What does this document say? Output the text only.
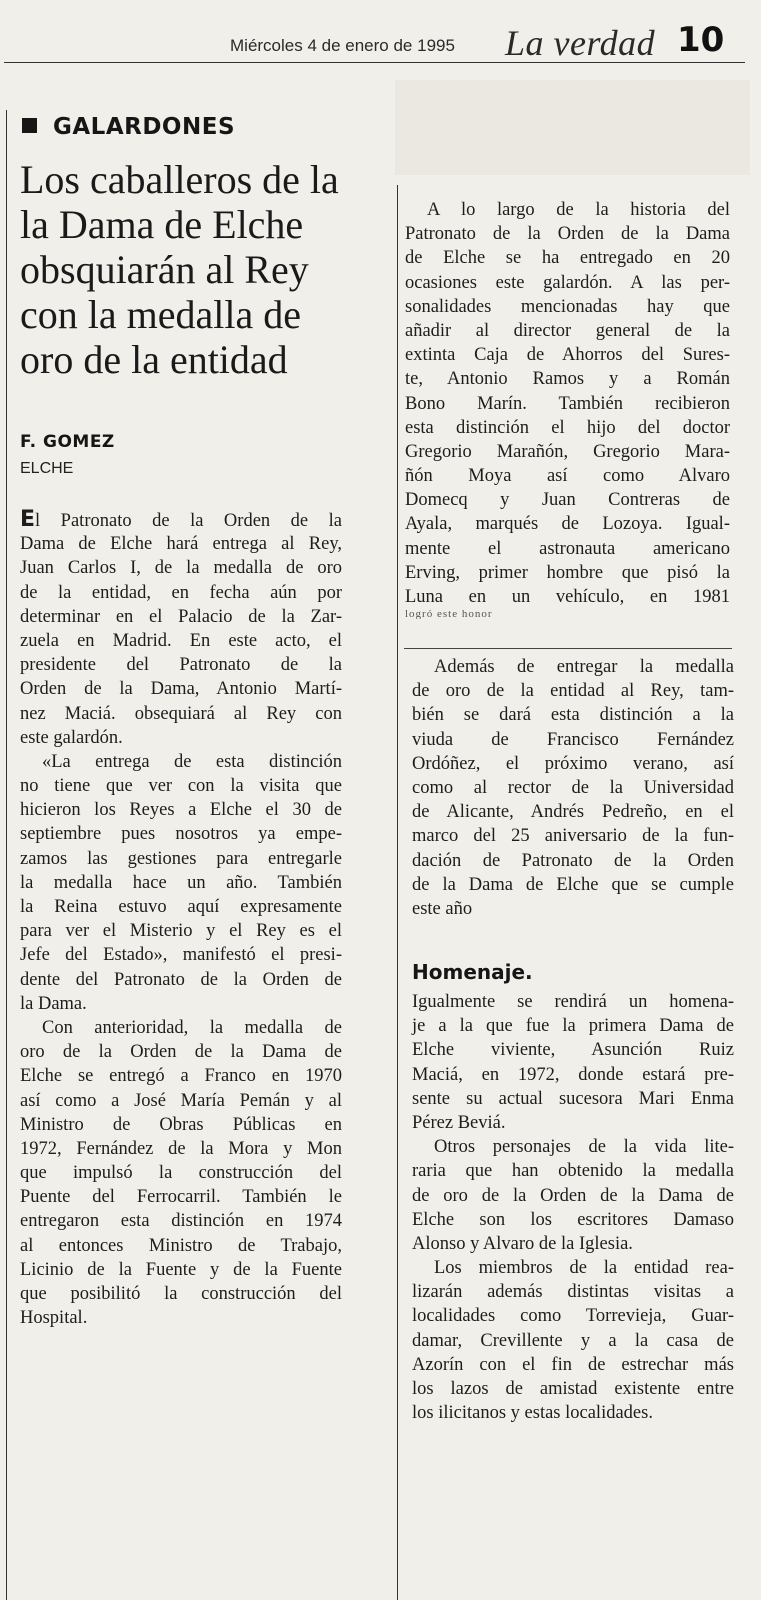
Miércoles 4 de enero de 1995 La verdad 10
GALARDONES
Los caballeros de la
la Dama de Elche
obsquiarán al Rey
con la medalla de
oro de la entidad
F. GOMEZ
ELCHE
El Patronato de la Orden de la
Dama de Elche hará entrega al Rey,
Juan Carlos I, de la medalla de oro
de la entidad, en fecha aún por
determinar en el Palacio de la Zar-
zuela en Madrid. En este acto, el
presidente del Patronato de la
Orden de la Dama, Antonio Martí-
nez Maciá. obsequiará al Rey con
este galardón.
«La entrega de esta distinción
no tiene que ver con la visita que
hicieron los Reyes a Elche el 30 de
septiembre pues nosotros ya empe-
zamos las gestiones para entregarle
la medalla hace un año. También
la Reina estuvo aquí expresamente
para ver el Misterio y el Rey es el
Jefe del Estado», manifestó el presi-
dente del Patronato de la Orden de
la Dama.
Con anterioridad, la medalla de
oro de la Orden de la Dama de
Elche se entregó a Franco en 1970
así como a José María Pemán y al
Ministro de Obras Públicas en
1972, Fernández de la Mora y Mon
que impulsó la construcción del
Puente del Ferrocarril. También le
entregaron esta distinción en 1974
al entonces Ministro de Trabajo,
Licinio de la Fuente y de la Fuente
que posibilitó la construcción del
Hospital.
A lo largo de la historia del
Patronato de la Orden de la Dama
de Elche se ha entregado en 20
ocasiones este galardón. A las per-
sonalidades mencionadas hay que
añadir al director general de la
extinta Caja de Ahorros del Sures-
te, Antonio Ramos y a Román
Bono Marín. También recibieron
esta distinción el hijo del doctor
Gregorio Marañón, Gregorio Mara-
ñón Moya así como Alvaro
Domecq y Juan Contreras de
Ayala, marqués de Lozoya. Igual-
mente el astronauta americano
Erving, primer hombre que pisó la
Luna en un vehículo, en 1981
logró este honor
Además de entregar la medalla
de oro de la entidad al Rey, tam-
bién se dará esta distinción a la
viuda de Francisco Fernández
Ordóñez, el próximo verano, así
como al rector de la Universidad
de Alicante, Andrés Pedreño, en el
marco del 25 aniversario de la fun-
dación de Patronato de la Orden
de la Dama de Elche que se cumple
este año
Homenaje.
Igualmente se rendirá un homena-
je a la que fue la primera Dama de
Elche viviente, Asunción Ruiz
Maciá, en 1972, donde estará pre-
sente su actual sucesora Mari Enma
Pérez Beviá.
Otros personajes de la vida lite-
raria que han obtenido la medalla
de oro de la Orden de la Dama de
Elche son los escritores Damaso
Alonso y Alvaro de la Iglesia.
Los miembros de la entidad rea-
lizarán además distintas visitas a
localidades como Torrevieja, Guar-
damar, Crevillente y a la casa de
Azorín con el fin de estrechar más
los lazos de amistad existente entre
los ilicitanos y estas localidades.
